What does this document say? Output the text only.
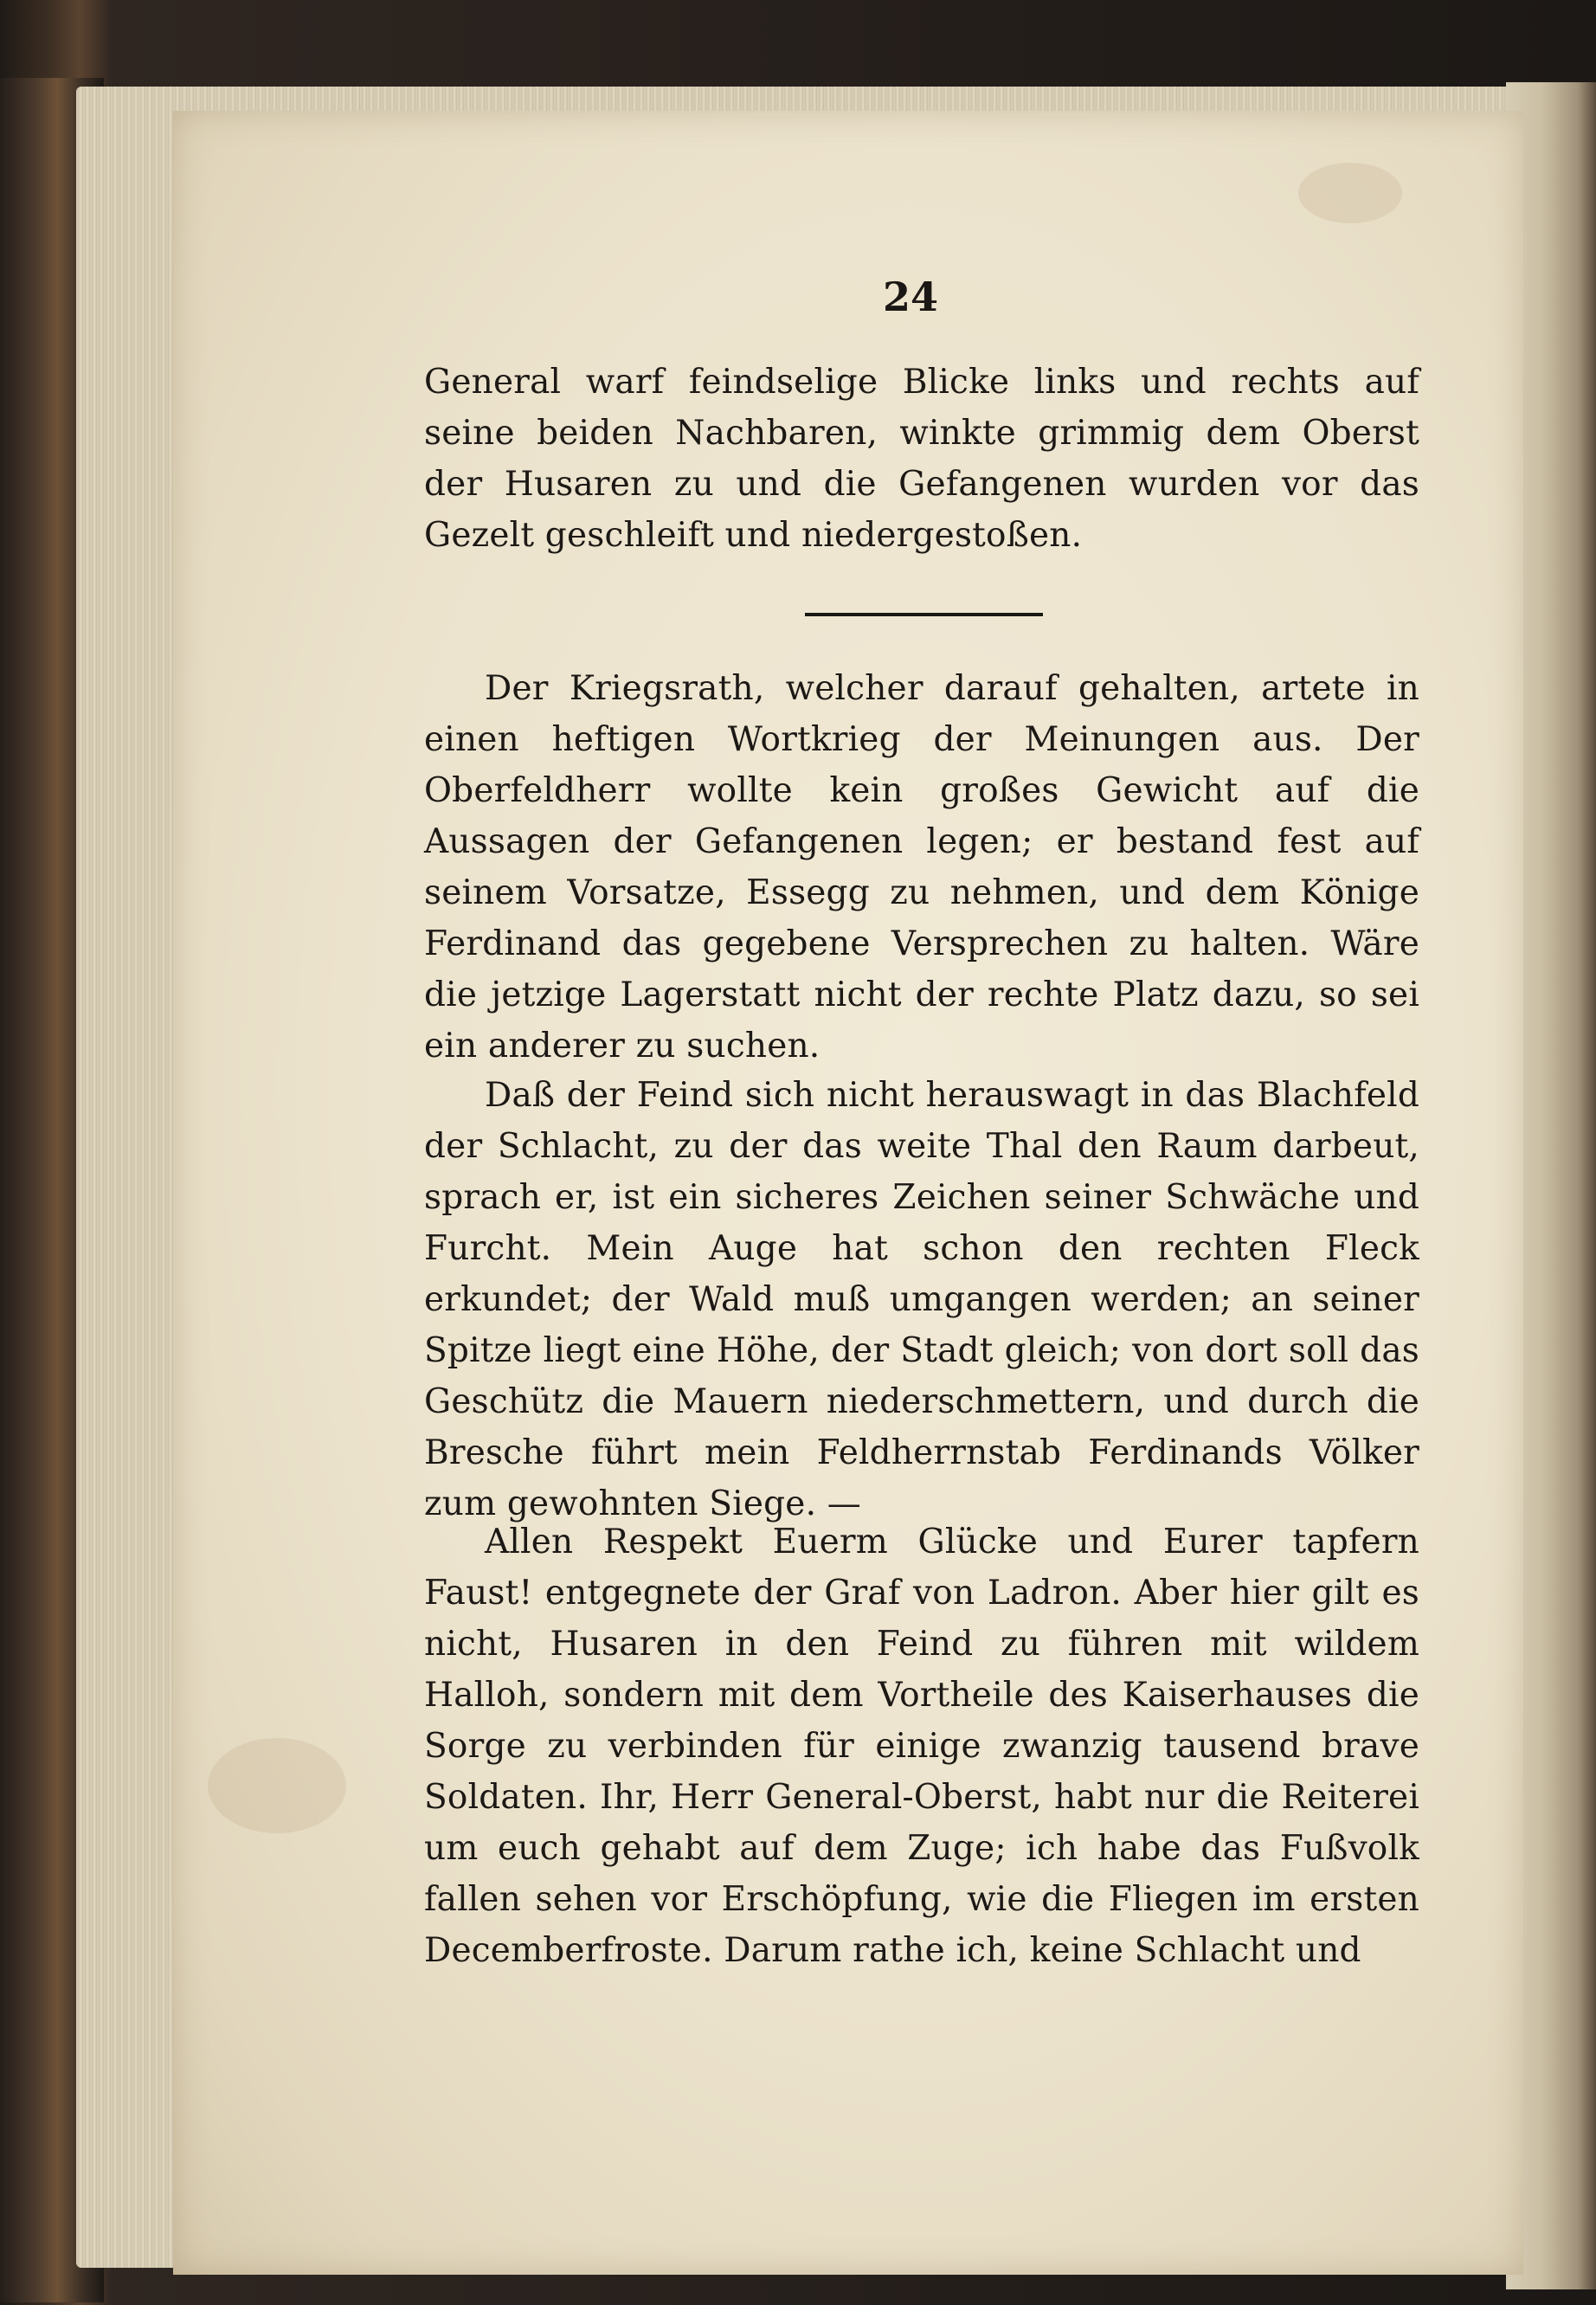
24

General warf feindselige Blicke links und rechts auf seine beiden Nachbaren, winkte grimmig dem Oberst der Husaren zu und die Gefangenen wurden vor das Gezelt geschleift und niedergestoßen.

Der Kriegsrath, welcher darauf gehalten, artete in einen heftigen Wortkrieg der Meinungen aus. Der Oberfeldherr wollte kein großes Gewicht auf die Aussagen der Gefangenen legen; er bestand fest auf seinem Vorsatze, Essegg zu nehmen, und dem Könige Ferdinand das gegebene Versprechen zu halten. Wäre die jetzige Lagerstatt nicht der rechte Platz dazu, so sei ein anderer zu suchen.

Daß der Feind sich nicht herauswagt in das Blachfeld der Schlacht, zu der das weite Thal den Raum darbeut, sprach er, ist ein sicheres Zeichen seiner Schwäche und Furcht. Mein Auge hat schon den rechten Fleck erkundet; der Wald muß umgangen werden; an seiner Spitze liegt eine Höhe, der Stadt gleich; von dort soll das Geschütz die Mauern niederschmettern, und durch die Bresche führt mein Feldherrnstab Ferdinands Völker zum gewohnten Siege. —

Allen Respekt Euerm Glücke und Eurer tapfern Faust! entgegnete der Graf von Ladron. Aber hier gilt es nicht, Husaren in den Feind zu führen mit wildem Halloh, sondern mit dem Vortheile des Kaiserhauses die Sorge zu verbinden für einige zwanzig tausend brave Soldaten. Ihr, Herr General-Oberst, habt nur die Reiterei um euch gehabt auf dem Zuge; ich habe das Fußvolk fallen sehen vor Erschöpfung, wie die Fliegen im ersten Decemberfroste. Darum rathe ich, keine Schlacht und
